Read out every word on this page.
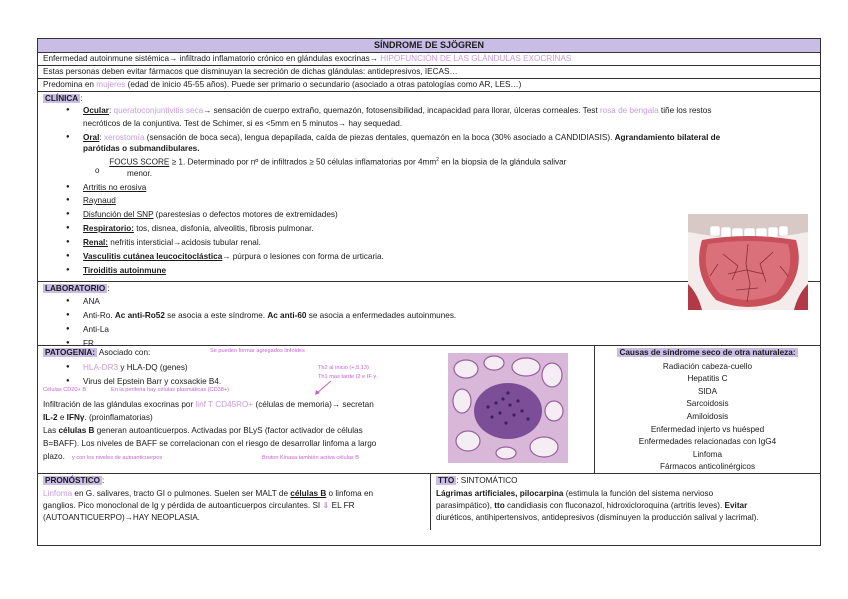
SÍNDROME DE SJÖGREN
Enfermedad autoinmune sistémica→ infiltrado inflamatorio crónico en glándulas exocrinas→ HIPOFUNCIÓN DE LAS GLÁNDULAS EXOCRINAS
Estas personas deben evitar fármacos que disminuyan la secreción de dichas glándulas: antidepresivos, IECAS…
Predomina en mujeres (edad de inicio 45-55 años). Puede ser primario o secundario (asociado a otras patologías como AR, LES…)
CLÍNICA :
● Ocular: queratoconjuntivitis seca→ sensación de cuerpo extraño, quemazón, fotosensibilidad, incapacidad para llorar, úlceras corneales. Test rosa de bengala tiñe los restos
necróticos de la conjuntiva. Test de Schimer, si es <5mm en 5 minutos→ hay sequedad.
● Oral: xerostomía (sensación de boca seca), lengua depapilada, caída de piezas dentales, quemazón en la boca (30% asociado a CANDIDIASIS). Agrandamiento bilateral de
parótidas o submandibulares.
FOCUS SCORE ≥ 1. Determinado por nº de infiltrados ≥ 50 células inflamatorias por $4mm^2$ en la biopsia de la glándula salivar
menor.
● Artritis no erosiva
● Raynaud
● Disfunción del SNP (parestesias o defectos motores de extremidades)
● Respiratorio: tos, disnea, disfonía, alveolitis, fibrosis pulmonar.
● Renal: nefritis intersticial→acidosis tubular renal.
● Vasculitis cutánea leucocitoclástica→ púrpura o lesiones con forma de urticaria.
● Tiroiditis autoinmune
LABORATORIO :
● ANA
● Anti-Ro. Ac anti-Ro52 se asocia a este síndrome. Ac anti-60 se asocia a enfermedades autoinmunes.
● Anti-La
● FR
PATOGENIA: Asociado con:
● HLA-DR3 y HLA-DQ (genes)
● Virus del Epstein Barr y coxsackie B4.
Infiltración de las glándulas exocrinas por linf T CD45RO+ (células de memoria)→ secretan
IL-2 e IFNγ. (proinflamatorias)
Las células B generan autoanticuerpos. Activadas por BLyS (factor activador de células
B=BAFF). Los niveles de BAFF se correlacionan con el riesgo de desarrollar linfoma a largo
plazo.
Se pueden formar agregados linfoides
Th2 al inicio (+,5,13)
Th1 mas tarde (2 e IF γ.
Células CD20+ B	En la periferia hay células plasmáticas (CD38+)
y con los niveles de autoanticuerpos	Bruton Kinasa también activa células B
Causas de síndrome seco de otra naturaleza:
Radiación cabeza-cuello
Hepatitis C
SIDA
Sarcoidosis
Amiloidosis
Enfermedad injerto vs huésped
Enfermedades relacionadas con IgG4
Linfoma
Fármacos anticolinérgicos
PRONÓSTICO :
Linfoma en G. salivares, tracto GI o pulmones. Suelen ser MALT de células B o linfoma en
ganglios. Pico monoclonal de Ig y pérdida de autoanticuerpos circulantes. SI ⇓ EL FR
(AUTOANTICUERPO)→HAY NEOPLASIA.
TTO : SINTOMÁTICO
Lágrimas artificiales, pilocarpina (estimula la función del sistema nervioso
parasimpático), tto candidiasis con fluconazol, hidroxicloroquina (artritis leves). Evitar
diuréticos, antihipertensivos, antidepresivos (disminuyen la producción salival y lacrimal).
